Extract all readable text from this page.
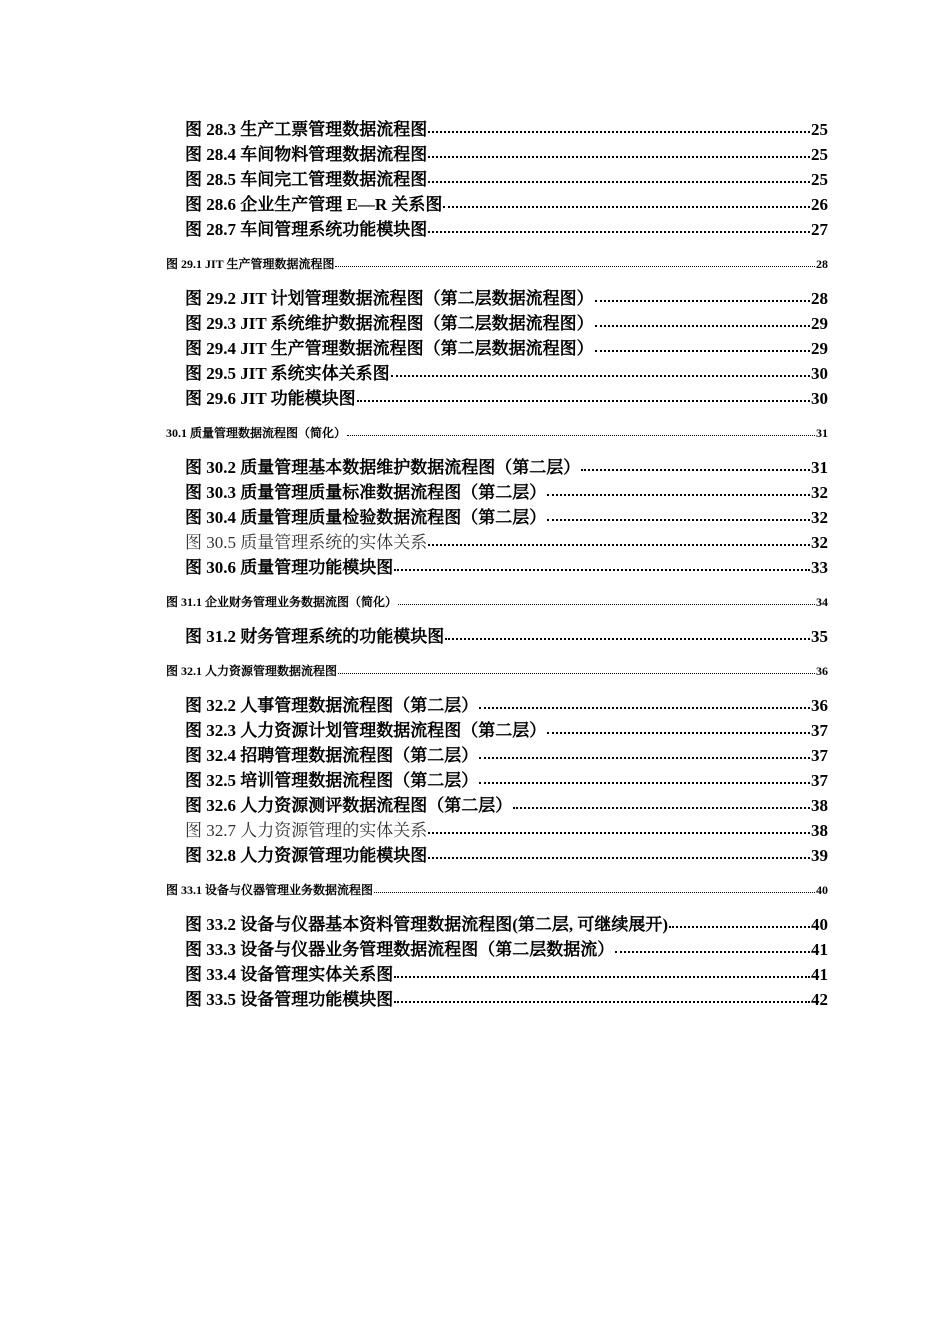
图 28.3 生产工票管理数据流程图	25
图 28.4 车间物料管理数据流程图	25
图 28.5 车间完工管理数据流程图	25
图 28.6 企业生产管理 E—R 关系图	26
图 28.7 车间管理系统功能模块图	27
图 29.1 JIT 生产管理数据流程图	28
图 29.2 JIT 计划管理数据流程图（第二层数据流程图）	28
图 29.3 JIT 系统维护数据流程图（第二层数据流程图）	29
图 29.4 JIT 生产管理数据流程图（第二层数据流程图）	29
图 29.5 JIT 系统实体关系图	30
图 29.6 JIT 功能模块图	30
30.1 质量管理数据流程图（简化）	31
图 30.2 质量管理基本数据维护数据流程图（第二层）	31
图 30.3 质量管理质量标准数据流程图（第二层）	32
图 30.4 质量管理质量检验数据流程图（第二层）	32
图 30.5 质量管理系统的实体关系	32
图 30.6 质量管理功能模块图	33
图 31.1 企业财务管理业务数据流图（简化）	34
图 31.2 财务管理系统的功能模块图	35
图 32.1 人力资源管理数据流程图	36
图 32.2 人事管理数据流程图（第二层）	36
图 32.3 人力资源计划管理数据流程图（第二层）	37
图 32.4 招聘管理数据流程图（第二层）	37
图 32.5 培训管理数据流程图（第二层）	37
图 32.6 人力资源测评数据流程图（第二层）	38
图 32.7 人力资源管理的实体关系	38
图 32.8 人力资源管理功能模块图	39
图 33.1 设备与仪器管理业务数据流程图	40
图 33.2 设备与仪器基本资料管理数据流程图(第二层, 可继续展开)	40
图 33.3 设备与仪器业务管理数据流程图（第二层数据流）	41
图 33.4 设备管理实体关系图	41
图 33.5 设备管理功能模块图	42
